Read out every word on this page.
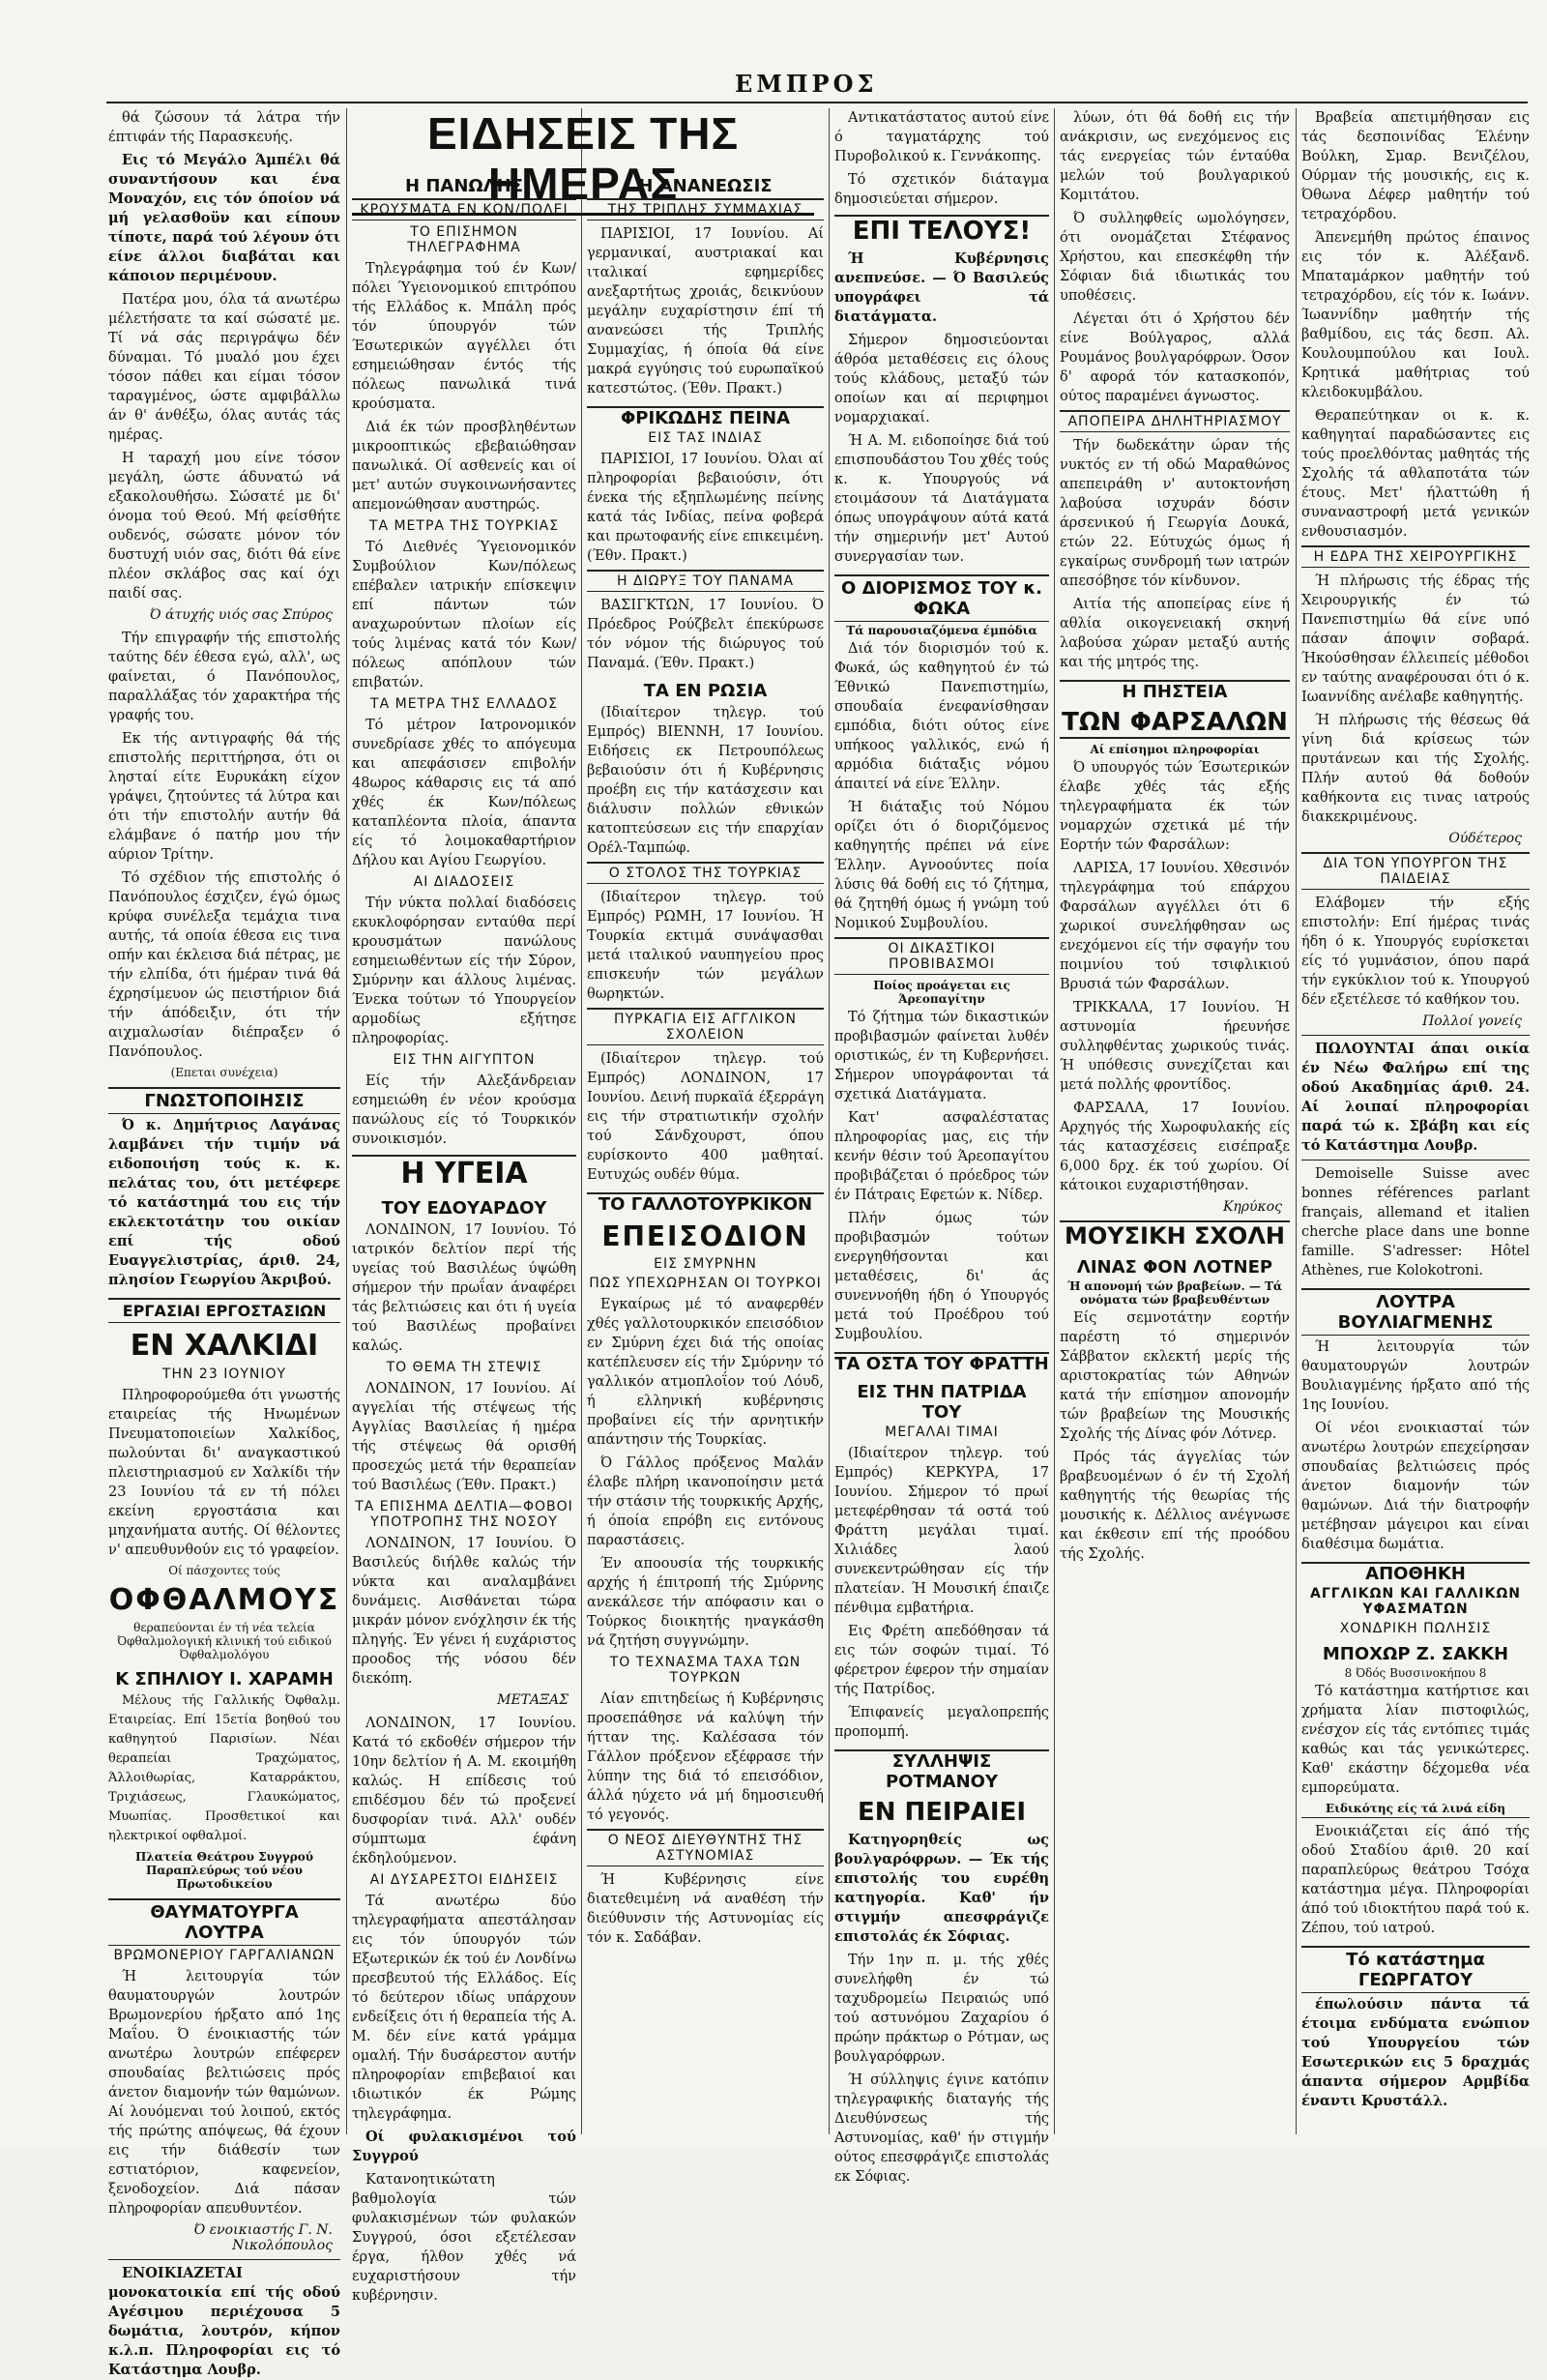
ΕΜΠΡΟΣ

θά ζώσουν τά λάτρα τήν έπτιφάν τής Παρασκευής.

Εις τό Μεγάλο Άμπέλι θά συναντήσουν και ένα Μοναχόν, εις τόν όποίον νά μή γελασθοϋν και είπουν τίποτε, παρά τού λέγουν ότι είνε άλλοι διαβάται και κάποιον περιμένουν.

Πατέρα μου, όλα τά ανωτέρω μέλετήσατε τα καί σώσατέ με. Τί νά σάς περιγράψω δέν δύναμαι. Τό μυαλό μου έχει τόσον πάθει και είμαι τόσον ταραγμένος, ώστε αμφιβάλλω άν θ' άνθέξω, όλας αυτάς τάς ημέρας.

Η ταραχή μου είνε τόσον μεγάλη, ώστε άδυνατώ νά εξακολουθήσω. Σώσατέ με δι' όνομα τού Θεού. Μή φείσθήτε ουδενός, σώσατε μόνον τόν δυστυχή υιόν σας, διότι θά είνε πλέον σκλάβος σας καί όχι παιδί σας.

Ό άτυχής υιός σας Σπύρος

Τήν επιγραφήν τής επιστολής ταύτης δέν έθεσα εγώ, αλλ', ως φαίνεται, ό Πανόπουλος, παραλλάξας τόν χαρακτήρα τής γραφής του.

Εκ τής αντιγραφής θά τής επιστολής περιττήρησα, ότι οι λησταί είτε Ευρυκάκη είχον γράψει, ζητούντες τά λύτρα και ότι τήν επιστολήν αυτήν θά ελάμβανε ό πατήρ μου τήν αύριον Τρίτην.

Τό σχέδιον τής επιστολής ό Πανόπουλος έσχιζεν, έγώ όμως κρύφα συνέλεξα τεμάχια τινα αυτής, τά οποία έθεσα εις τινα οπήν και έκλεισα διά πέτρας, με τήν ελπίδα, ότι ήμέραν τινά θά έχρησίμευον ώς πειστήριον διά τήν άπόδειξιν, ότι τήν αιχμαλωσίαν διέπραξεν ό Πανόπουλος.

(Επεται συνέχεια)

ΓΝΩΣΤΟΠΟΙΗΣΙΣ

Ό κ. Δημήτριος Λαγάνας λαμβάνει τήν τιμήν νά ειδοποιήση τούς κ. κ. πελάτας του, ότι μετέφερε τό κατάστημά του εις τήν εκλεκτοτάτην του οικίαν επί τής οδού Ευαγγελιστρίας, άριθ. 24, πλησίον Γεωργίου Άκριβού.

ΕΡΓΑΣΙΑΙ ΕΡΓΟΣΤΑΣΙΩΝ
ΕΝ ΧΑΛΚΙΔΙ
ΤΗΝ 23 ΙΟΥΝΙΟΥ

Πληροφορούμεθα ότι γνωστής εταιρείας τής Ηνωμένων Πνευματοποιείων Χαλκίδος, πωλούνται δι' αναγκαστικού πλειστηριασμού εν Χαλκίδι τήν 23 Ιουνίου τά εν τή πόλει εκείνη εργοστάσια και μηχανήματα αυτής. Οί θέλοντες ν' απευθυνθούν εις τό γραφείον.

Οί πάσχοντες τούς

ΟΦΘΑΛΜΟΥΣ

θεραπεύονται έν τή νέα τελεία Όφθαλμολογική κλινική τού ειδικού Όφθαλμολόγου

Κ ΣΠΗΛΙΟΥ Ι. ΧΑΡΑΜΗ

Μέλους τής Γαλλικής Όφθαλμ. Εταιρείας. Επί 15ετία βοηθού του καθηγητού Παρισίων. Νέαι θεραπείαι Τραχώματος, Άλλοιθωρίας, Καταρράκτου, Τριχιάσεως, Γλαυκώματος, Μυωπίας. Προσθετικοί και ηλεκτρικοί οφθαλμοί.

Πλατεία Θεάτρου Συγγρού Παραπλεύρως τού νέου Πρωτοδικείου

ΘΑΥΜΑΤΟΥΡΓΑ ΛΟΥΤΡΑ
ΒΡΩΜΟΝΕΡΙΟΥ ΓΑΡΓΑΛΙΑΝΩΝ

Ή λειτουργία τών θαυματουργών λουτρών Βρωμονερίου ήρξατο από 1ης Μαΐου. Ό ένοικιαστής τών ανωτέρω λουτρών επέφερεν σπουδαίας βελτιώσεις πρός άνετον διαμονήν τών θαμώνων. Αί λουόμεναι τού λοιπού, εκτός τής πρώτης απόψεως, θά έχουν εις τήν διάθεσίν των εστιατόριον, καφενείον, ξενοδοχείον. Διά πάσαν πληροφορίαν απευθυντέον.

Ό ενοικιαστής Γ. Ν. Νικολόπουλος

ΕΝΟΙΚΙΑΖΕΤΑΙ μονοκατοικία επί τής οδού Αγέσιμου περιέχουσα 5 δωμάτια, λουτρόν, κήπον κ.λ.π. Πληροφορίαι εις τό Κατάστημα Λουβρ.

ΕΙΔΗΣΕΙΣ ΤΗΣ ΗΜΕΡΑΣ
Η ΠΑΝΩΛΗΣ
ΚΡΟΥΣΜΑΤΑ ΕΝ ΚΩΝ/ΠΟΛΕΙ
ΤΟ ΕΠΙΣΗΜΟΝ ΤΗΛΕΓΡΑΦΗΜΑ

Τηλεγράφημα τού έν Κων/πόλει Ύγειονομικού επιτρόπου τής Ελλάδος κ. Μπάλη πρός τόν ύπουργόν τών Έσωτερικών αγγέλλει ότι εσημειώθησαν έντός τής πόλεως πανωλικά τινά κρούσματα.

Διά έκ τών προσβληθέντων μικροοπτικώς εβεβαιώθησαν πανωλικά. Οί ασθενείς και οί μετ' αυτών συγκοινωνήσαντες απεμονώθησαν αυστηρώς.

ΤΑ ΜΕΤΡΑ ΤΗΣ ΤΟΥΡΚΙΑΣ

Τό Διεθνές Ύγειονομικόν Συμβούλιον Κων/πόλεως επέβαλεν ιατρικήν επίσκεψιν επί πάντων τών αναχωρούντων πλοίων είς τούς λιμένας κατά τόν Κων/πόλεως απόπλουν τών επιβατών.

ΤΑ ΜΕΤΡΑ ΤΗΣ ΕΛΛΑΔΟΣ

Τό μέτρον Ιατρονομικόν συνεδρίασε χθές το απόγευμα και απεφάσισεν επιβολήν 48ωρος κάθαρσις εις τά από χθές έκ Κων/πόλεως καταπλέοντα πλοία, άπαντα είς τό λοιμοκαθαρτήριον Δήλου και Αγίου Γεωργίου.

ΑΙ ΔΙΑΔΟΣΕΙΣ

Τήν νύκτα πολλαί διαδόσεις εκυκλοφόρησαν ενταύθα περί κρουσμάτων πανώλους εσημειωθέντων είς τήν Σύρον, Σμύρνην και άλλους λιμένας. Ένεκα τούτων τό Υπουργείον αρμοδίως εξήτησε πληροφορίας.

ΕΙΣ ΤΗΝ ΑΙΓΥΠΤΟΝ

Είς τήν Αλεξάνδρειαν εσημειώθη έν νέον κρούσμα πανώλους είς τό Τουρκικόν συνοικισμόν.

Η ΥΓΕΙΑ
ΤΟΥ ΕΔΟΥΑΡΔΟΥ

ΛΟΝΔΙΝΟΝ, 17 Ιουνίου. Τό ιατρικόν δελτίον περί τής υγείας τού Βασιλέως ύψώθη σήμερον τήν πρωΐαν άναφέρει τάς βελτιώσεις και ότι ή υγεία τού Βασιλέως προβαίνει καλώς.

ΤΟ ΘΕΜΑ ΤΗ ΣΤΕΨΙΣ

ΛΟΝΔΙΝΟΝ, 17 Ιουνίου. Αί αγγελίαι τής στέψεως τής Αγγλίας Βασιλείας ή ημέρα τής στέψεως θά ορισθή προσεχώς μετά τήν θεραπείαν τού Βασιλέως (Έθν. Πρακτ.)

ΤΑ ΕΠΙΣΗΜΑ ΔΕΛΤΙΑ—ΦΟΒΟΙ ΥΠΟΤΡΟΠΗΣ ΤΗΣ ΝΟΣΟΥ

ΛΟΝΔΙΝΟΝ, 17 Ιουνίου. Ό Βασιλεύς διήλθε καλώς τήν νύκτα και αναλαμβάνει δυνάμεις. Αισθάνεται τώρα μικράν μόνον ενόχλησιν έκ τής πληγής. Έν γένει ή ευχάριστος προοδος τής νόσου δέν διεκόπη.

ΜΕΤΑΞΑΣ

ΛΟΝΔΙΝΟΝ, 17 Ιουνίου. Κατά τό εκδοθέν σήμερον τήν 10ην δελτίον ή Α. Μ. εκοιμήθη καλώς. Η επίδεσις τού επιδέσμου δέν τώ προξενεί δυσφορίαν τινά. Αλλ' ουδέν σύμπτωμα έφάνη έκδηλούμενον.

ΑΙ ΔΥΣΑΡΕΣΤΟΙ ΕΙΔΗΣΕΙΣ

Τά ανωτέρω δύο τηλεγραφήματα απεστάλησαν εις τόν ύπουργόν τών Εξωτερικών έκ τού έν Λονδίνω πρεσβευτού τής Ελλάδος. Είς τό δεύτερον ιδίως υπάρχουν ενδείξεις ότι ή θεραπεία τής Α. Μ. δέν είνε κατά γράμμα ομαλή. Τήν δυσάρεστον αυτήν πληροφορίαν επιβεβαιοί και ιδιωτικόν έκ Ρώμης τηλεγράφημα.

Οί φυλακισμένοι τού Συγγρού

Κατανοητικώτατη βαθμολογία τών φυλακισμένων τών φυλακών Συγγρού, όσοι εξετέλεσαν έργα, ήλθον χθές νά ευχαριστήσουν τήν κυβέρνησιν.

Η ΑΝΑΝΕΩΣΙΣ
ΤΗΣ ΤΡΙΠΛΗΣ ΣΥΜΜΑΧΙΑΣ

ΠΑΡΙΣΙΟΙ, 17 Ιουνίου. Αί γερμανικαί, αυστριακαί και ιταλικαί εφημερίδες ανεξαρτήτως χροιάς, δεικνύουν μεγάλην ευχαρίστησιν έπί τή ανανεώσει τής Τριπλής Συμμαχίας, ή όποία θά είνε μακρά εγγύησις τού ευρωπαϊκού κατεστώτος. (Έθν. Πρακτ.)

ΦΡΙΚΩΔΗΣ ΠΕΙΝΑ
ΕΙΣ ΤΑΣ ΙΝΔΙΑΣ

ΠΑΡΙΣΙΟΙ, 17 Ιουνίου. Όλαι αί πληροφορίαι βεβαιούσιν, ότι ένεκα τής εξηπλωμένης πείνης κατά τάς Ινδίας, πείνα φοβερά και πρωτοφανής είνε επικειμένη. (Έθν. Πρακτ.)

Η ΔΙΩΡΥΞ ΤΟΥ ΠΑΝΑΜΑ

ΒΑΣΙΓΚΤΩΝ, 17 Ιουνίου. Ό Πρόεδρος Ρούζβελτ έπεκύρωσε τόν νόμον τής διώρυγος τού Παναμά. (Έθν. Πρακτ.)

ΤΑ ΕΝ ΡΩΣΙΑ

(Ιδιαίτερον τηλεγρ. τού Εμπρός) ΒΙΕΝΝΗ, 17 Ιουνίου. Ειδήσεις εκ Πετρουπόλεως βεβαιούσιν ότι ή Κυβέρνησις προέβη εις τήν κατάσχεσιν και διάλυσιν πολλών εθνικών κατοπτεύσεων εις τήν επαρχίαν Ορέλ-Ταμπώφ.

Ο ΣΤΟΛΟΣ ΤΗΣ ΤΟΥΡΚΙΑΣ

(Ιδιαίτερον τηλεγρ. τού Εμπρός) ΡΩΜΗ, 17 Ιουνίου. Ή Τουρκία εκτιμά συνάψασθαι μετά ιταλικού ναυπηγείου προς επισκευήν τών μεγάλων θωρηκτών.

ΠΥΡΚΑΓΙΑ ΕΙΣ ΑΓΓΛΙΚΟΝ ΣΧΟΛΕΙΟΝ

(Ιδιαίτερον τηλεγρ. τού Εμπρός) ΛΟΝΔΙΝΟΝ, 17 Ιουνίου. Δεινή πυρκαϊά έξερράγη εις τήν στρατιωτικήν σχολήν τού Σάνδχουρστ, όπου ευρίσκοντο 400 μαθηταί. Ευτυχώς ουδέν θύμα.

ΤΟ ΓΑΛΛΟΤΟΥΡΚΙΚΟΝ
ΕΠΕΙΣΟΔΙΟΝ
ΕΙΣ ΣΜΥΡΝΗΝ
ΠΩΣ ΥΠΕΧΩΡΗΣΑΝ ΟΙ ΤΟΥΡΚΟΙ

Εγκαίρως μέ τό αναφερθέν χθές γαλλοτουρκικόν επεισόδιον εν Σμύρνη έχει διά τής οποίας κατέπλευσεν είς τήν Σμύρνην τό γαλλικόν ατμοπλοΐον τού Λόυδ, ή ελληνική κυβέρνησις προβαίνει είς τήν αρνητικήν απάντησιν τής Τουρκίας.

Ό Γάλλος πρόξενος Μαλάν έλαβε πλήρη ικανοποίησιν μετά τήν στάσιν τής τουρκικής Αρχής, ή όποία επρόβη εις εντόνους παραστάσεις.

Έν αποουσία τής τουρκικής αρχής ή έπιτροπή τής Σμύρνης ανεκάλεσε τήν απόφασιν και ο Τούρκος διοικητής ηναγκάσθη νά ζητήση συγγνώμην.

ΤΟ ΤΕΧΝΑΣΜΑ ΤΑΧΑ ΤΩΝ ΤΟΥΡΚΩΝ

Λίαν επιτηδείως ή Κυβέρνησις προσεπάθησε νά καλύψη τήν ήτταν της. Καλέσασα τόν Γάλλον πρόξενον εξέφρασε τήν λύπην της διά τό επεισόδιον, άλλά ηύχετο νά μή δημοσιευθή τό γεγονός.

Ο ΝΕΟΣ ΔΙΕΥΘΥΝΤΗΣ ΤΗΣ ΑΣΤΥΝΟΜΙΑΣ

Ή Κυβέρνησις είνε διατεθειμένη νά αναθέση τήν διεύθυνσιν τής Αστυνομίας είς τόν κ. Σαδάβαν.

Αντικατάστατος αυτού είνε ό ταγματάρχης τού Πυροβολικού κ. Γεννάκοπης.

Τό σχετικόν διάταγμα δημοσιεύεται σήμερον.

ΕΠΙ ΤΕΛΟΥΣ!

Ή Κυβέρνησις ανεπνεύσε. — Ό Βασιλεύς υπογράφει τά διατάγματα.

Σήμερον δημοσιεύονται άθρόα μεταθέσεις εις όλους τούς κλάδους, μεταξύ τών οποίων και αί περιφημοι νομαρχιακαί.

Ή Α. Μ. ειδοποίησε διά τού επισπουδάστου Του χθές τούς κ. κ. Υπουργούς νά ετοιμάσουν τά Διατάγματα όπως υπογράψουν αύτά κατά τήν σημερινήν μετ' Αυτού συνεργασίαν των.

Ο ΔΙΟΡΙΣΜΟΣ ΤΟΥ κ. ΦΩΚΑ

Τά παρουσιαζόμενα έμπόδια

Διά τόν διορισμόν τού κ. Φωκά, ώς καθηγητού έν τώ Έθνικώ Πανεπιστημίω, σπουδαία ένεφανίσθησαν εμπόδια, διότι ούτος είνε υπήκοος γαλλικός, ενώ ή αρμόδια διάταξις νόμου άπαιτεί νά είνε Έλλην.

Ή διάταξις τού Νόμου ορίζει ότι ό διοριζόμενος καθηγητής πρέπει νά είνε Έλλην. Αγνοούντες ποία λύσις θά δοθή εις τό ζήτημα, θά ζητηθή όμως ή γνώμη τού Νομικού Συμβουλίου.

ΟΙ ΔΙΚΑΣΤΙΚΟΙ ΠΡΟΒΙΒΑΣΜΟΙ

Ποίος προάγεται εις Άρεοπαγίτην

Τό ζήτημα τών δικαστικών προβιβασμών φαίνεται λυθέν οριστικώς, έν τη Κυβερνήσει. Σήμερον υπογράφονται τά σχετικά Διατάγματα.

Κατ' ασφαλέστατας πληροφορίας μας, εις τήν κενήν θέσιν τού Άρεοπαγίτου προβιβάζεται ό πρόεδρος τών έν Πάτραις Εφετών κ. Νίδερ.

Πλήν όμως τών προβιβασμών τούτων ενεργηθήσονται και μεταθέσεις, δι' άς συνεννοήθη ήδη ό Υπουργός μετά τού Προέδρου τού Συμβουλίου.

ΤΑ ΟΣΤΑ ΤΟΥ ΦΡΑΤΤΗ
ΕΙΣ ΤΗΝ ΠΑΤΡΙΔΑ ΤΟΥ
ΜΕΓΑΛΑΙ ΤΙΜΑΙ

(Ιδιαίτερον τηλεγρ. τού Εμπρός) ΚΕΡΚΥΡΑ, 17 Ιουνίου. Σήμερον τό πρωί μετεφέρθησαν τά οστά τού Φράττη μεγάλαι τιμαί. Χιλιάδες λαού συνεκεντρώθησαν είς τήν πλατείαν. Ή Μουσική έπαιζε πένθιμα εμβατήρια.

Εις Φρέτη απεδόθησαν τά εις τών σοφών τιμαί. Τό φέρετρον έφερον τήν σημαίαν τής Πατρίδος.

Έπιφανείς μεγαλοπρεπής προπομπή.

ΣΥΛΛΗΨΙΣ ΡΟΤΜΑΝΟΥ
ΕΝ ΠΕΙΡΑΙΕΙ

Κατηγορηθείς ως βουλγαρόφρων. — Έκ τής επιστολής του ευρέθη κατηγορία. Καθ' ήν στιγμήν απεσφράγιζε επιστολάς έκ Σόφιας.

Τήν 1ην π. μ. τής χθές συνελήφθη έν τώ ταχυδρομείω Πειραιώς υπό τού αστυνόμου Ζαχαρίου ό πρώην πράκτωρ ο Ρότμαν, ως βουλγαρόφρων.

Ή σύλληψις έγινε κατόπιν τηλεγραφικής διαταγής τής Διευθύνσεως τής Αστυνομίας, καθ' ήν στιγμήν ούτος επεσφράγιζε επιστολάς εκ Σόφιας.

λύων, ότι θά δοθή εις τήν ανάκρισιν, ως ενεχόμενος εις τάς ενεργείας τών ένταύθα μελών τού βουλγαρικού Κομιτάτου.

Ό συλληφθείς ωμολόγησεν, ότι ονομάζεται Στέφανος Χρήστου, και επεσκέφθη τήν Σόφιαν διά ιδιωτικάς του υποθέσεις.

Λέγεται ότι ό Χρήστου δέν είνε Βούλγαρος, αλλά Ρουμάνος βουλγαρόφρων. Όσον δ' αφορά τόν κατασκοπόν, ούτος παραμένει άγνωστος.

ΑΠΟΠΕΙΡΑ ΔΗΛΗΤΗΡΙΑΣΜΟΥ

Τήν δωδεκάτην ώραν τής νυκτός εν τή οδώ Μαραθώνος απεπειράθη ν' αυτοκτονήση λαβούσα ισχυράν δόσιν άρσενικού ή Γεωργία Δουκά, ετών 22. Εύτυχώς όμως ή εγκαίρως συνδρομή των ιατρών απεσόβησε τόν κίνδυνον.

Αιτία τής αποπείρας είνε ή αθλία οικογενειακή σκηνή λαβούσα χώραν μεταξύ αυτής και τής μητρός της.

Η ΠΗΣΤΕΙΑ
ΤΩΝ ΦΑΡΣΑΛΩΝ

Αί επίσημοι πληροφορίαι

Ό υπουργός τών Έσωτερικών έλαβε χθές τάς εξής τηλεγραφήματα έκ τών νομαρχών σχετικά μέ τήν Εορτήν τών Φαρσάλων:

ΛΑΡΙΣΑ, 17 Ιουνίου. Χθεσινόν τηλεγράφημα τού επάρχου Φαρσάλων αγγέλλει ότι 6 χωρικοί συνελήφθησαν ως ενεχόμενοι είς τήν σφαγήν του ποιμνίου τού τσιφλικιού Βρυσιά τών Φαρσάλων.

ΤΡΙΚΚΑΛΑ, 17 Ιουνίου. Ή αστυνομία ήρευνήσε συλληφθέντας χωρικούς τινάς. Ή υπόθεσις συνεχίζεται και μετά πολλής φροντίδος.

ΦΑΡΣΑΛΑ, 17 Ιουνίου. Αρχηγός τής Χωροφυλακής είς τάς κατασχέσεις εισέπραξε 6,000 δρχ. έκ τού χωρίου. Οί κάτοικοι ευχαριστήθησαν.

Κηρύκος

ΜΟΥΣΙΚΗ ΣΧΟΛΗ
ΛΙΝΑΣ ΦΟΝ ΛΟΤΝΕΡ

Ή απονομή τών βραβείων. — Τά ονόματα τών βραβευθέντων

Είς σεμνοτάτην εορτήν παρέστη τό σημερινόν Σάββατον εκλεκτή μερίς τής αριστοκρατίας τών Αθηνών κατά τήν επίσημον απονομήν τών βραβείων της Μουσικής Σχολής τής Δίνας φόν Λότνερ.

Πρός τάς άγγελίας τών βραβευομένων ό έν τή Σχολή καθηγητής τής θεωρίας τής μουσικής κ. Δέλλιος ανέγνωσε και έκθεσιν επί τής προόδου τής Σχολής.

Βραβεία απετιμήθησαν εις τάς δεσποινίδας Έλένην Βούλκη, Σμαρ. Βενιζέλου, Ούρμαν τής μουσικής, εις κ. Όθωνα Δέφερ μαθητήν τού τετραχόρδου.

Άπενεμήθη πρώτος έπαινος εις τόν κ. Άλέξανδ. Μπαταμάρκον μαθητήν τού τετραχόρδου, είς τόν κ. Ιωάνν. Ίωαννίδην μαθητήν τής βαθμίδου, εις τάς δεσπ. Αλ. Κουλουμπούλου και Ιουλ. Κρητικά μαθήτριας τού κλειδοκυμβάλου.

Θεραπεύτηκαν οι κ. κ. καθηγηταί παραδώσαντες εις τούς προελθόντας μαθητάς τής Σχολής τά αθλαποτάτα τών έτους. Μετ' ήλαττώθη ή συναναστροφή μετά γενικών ενθουσιασμόν.

Η ΕΔΡΑ ΤΗΣ ΧΕΙΡΟΥΡΓΙΚΗΣ

Ή πλήρωσις τής έδρας τής Χειρουργικής έν τώ Πανεπιστημίω θά είνε υπό πάσαν άποψιν σοβαρά. Ήκούσθησαν έλλειπείς μέθοδοι εν ταύτης αναφέρουσαι ότι ό κ. Ιωαννίδης ανέλαβε καθηγητής.

Ή πλήρωσις τής θέσεως θά γίνη διά κρίσεως τών πρυτάνεων και τής Σχολής. Πλήν αυτού θά δοθούν καθήκοντα εις τινας ιατρούς διακεκριμένους.

Ούδέτερος

ΔΙΑ ΤΟΝ ΥΠΟΥΡΓΟΝ ΤΗΣ ΠΑΙΔΕΙΑΣ

Ελάβομεν τήν εξής επιστολήν: Επί ήμέρας τινάς ήδη ό κ. Υπουργός ευρίσκεται είς τό γυμνάσιον, όπου παρά τήν εγκύκλιον τού κ. Υπουργού δέν εξετέλεσε τό καθήκον του.

Πολλοί γονείς

ΠΩΛΟΥΝΤΑΙ άπαι οικία έν Νέω Φαλήρω επί της οδού Ακαδημίας άριθ. 24. Αί λοιπαί πληροφορίαι παρά τώ κ. Σβάβη και είς τό Κατάστημα Λουβρ.

Demoiselle Suisse avec bonnes références parlant français, allemand et italien cherche place dans une bonne famille. S'adresser: Hôtel Athènes, rue Kolokotroni.

ΛΟΥΤΡΑ ΒΟΥΛΙΑΓΜΕΝΗΣ

Ή λειτουργία τών θαυματουργών λουτρών Βουλιαγμένης ήρξατο από τής 1ης Ιουνίου.

Οί νέοι ενοικιασταί τών ανωτέρω λουτρών επεχείρησαν σπουδαίας βελτιώσεις πρός άνετον διαμονήν τών θαμώνων. Διά τήν διατροφήν μετέβησαν μάγειροι και είναι διαθέσιμα δωμάτια.

ΑΠΟΘΗΚΗ
ΑΓΓΛΙΚΩΝ ΚΑΙ ΓΑΛΛΙΚΩΝ ΥΦΑΣΜΑΤΩΝ
ΧΟΝΔΡΙΚΗ ΠΩΛΗΣΙΣ
ΜΠΟΧΩΡ Ζ. ΣΑΚΚΗ

8 Όδός Βυσσινοκήπου 8

Τό κατάστημα κατήρτισε και χρήματα λίαν πιστοφιλώς, ενέσχον είς τάς εντόπιες τιμάς καθώς και τάς γενικώτερες. Καθ' εκάστην δέχομεθα νέα εμπορεύματα.

Ειδικότης είς τά λινά είδη

Ενοικιάζεται είς άπό τής οδού Σταδίου άριθ. 20 καί παραπλεύρως θεάτρου Τσόχα κατάστημα μέγα. Πληροφορίαι άπό τού ιδιοκτήτου παρά τού κ. Ζέπου, τού ιατρού.

Τό κατάστημα ΓΕΩΡΓΑΤΟΥ

έπωλούσιν πάντα τά έτοιμα ενδύματα ενώπιον τού Υπουργείου τών Εσωτερικών εις 5 δραχμάς άπαντα σήμερον Αρμβίδα έναντι Κρυστάλλ.
